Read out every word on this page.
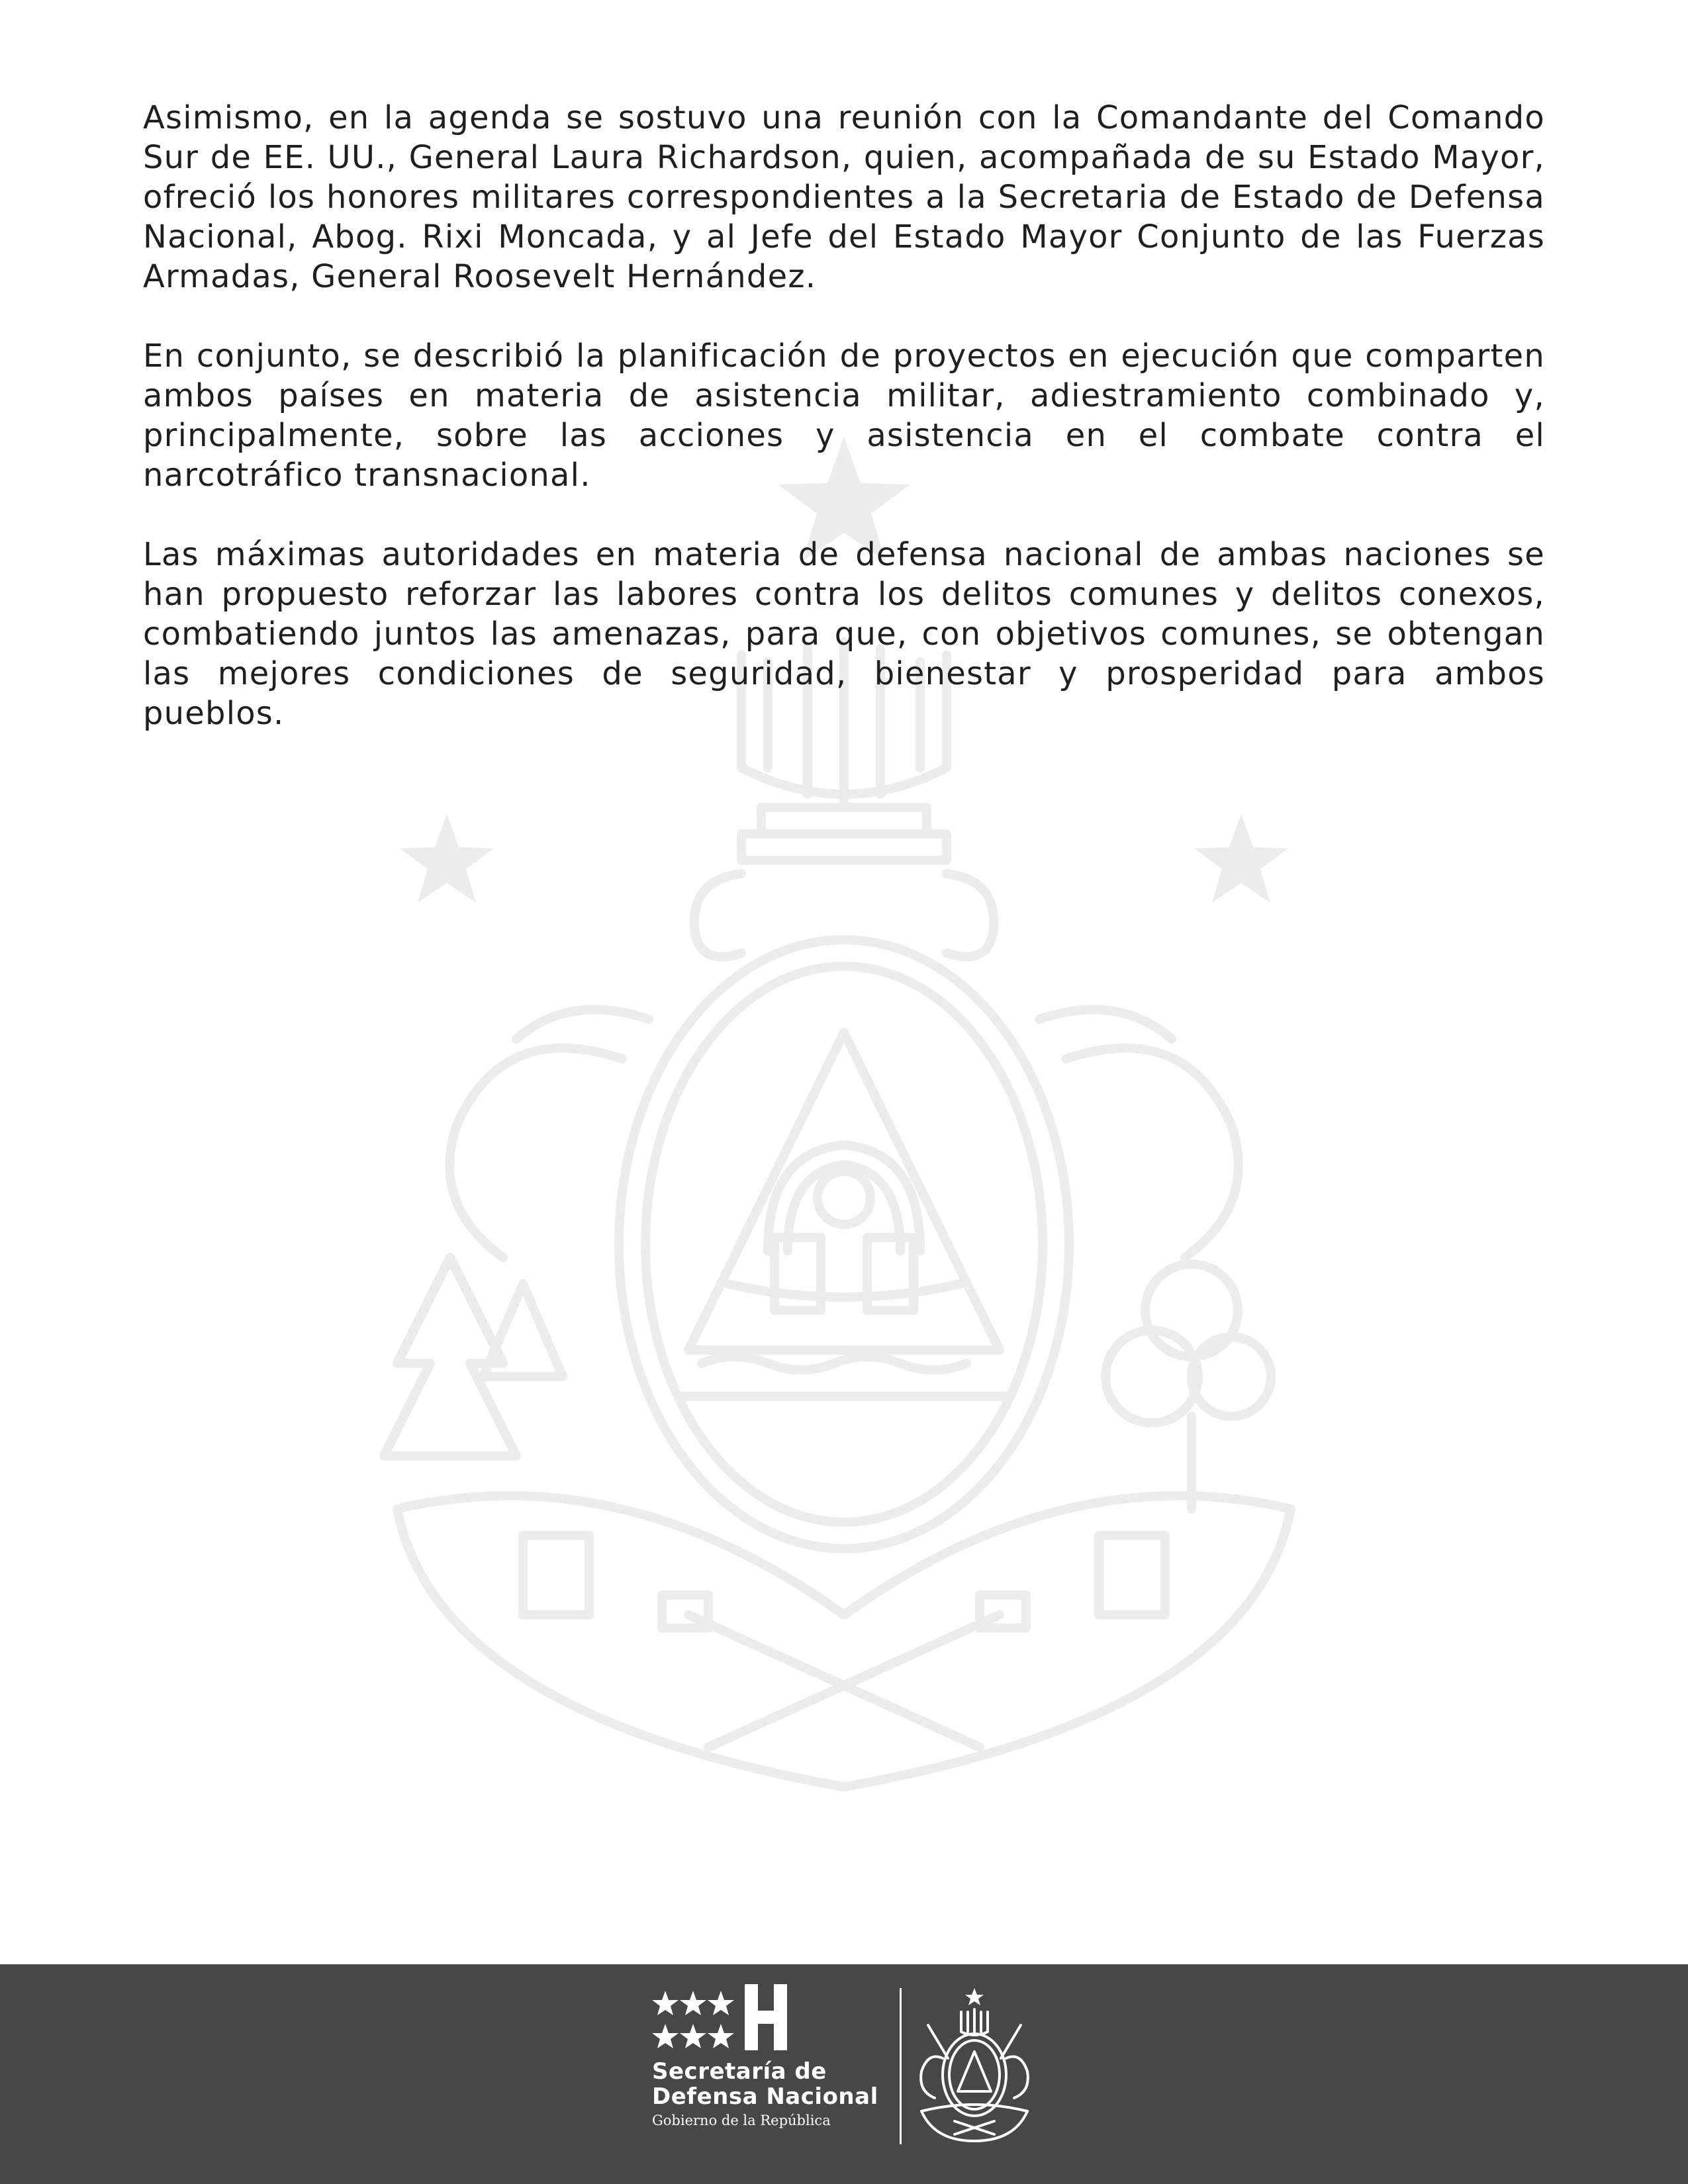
Asimismo, en la agenda se sostuvo una reunión con la Comandante del Comando Sur de EE. UU., General Laura Richardson, quien, acompañada de su Estado Mayor, ofreció los honores militares correspondientes a la Secretaria de Estado de Defensa Nacional, Abog. Rixi Moncada, y al Jefe del Estado Mayor Conjunto de las Fuerzas Armadas, General Roosevelt Hernández.

En conjunto, se describió la planificación de proyectos en ejecución que comparten ambos países en materia de asistencia militar, adiestramiento combinado y, principalmente, sobre las acciones y asistencia en el combate contra el narcotráfico transnacional.

Las máximas autoridades en materia de defensa nacional de ambas naciones se han propuesto reforzar las labores contra los delitos comunes y delitos conexos, combatiendo juntos las amenazas, para que, con objetivos comunes, se obtengan las mejores condiciones de seguridad, bienestar y prosperidad para ambos pueblos.

Secretaría de
Defensa Nacional
Gobierno de la República
